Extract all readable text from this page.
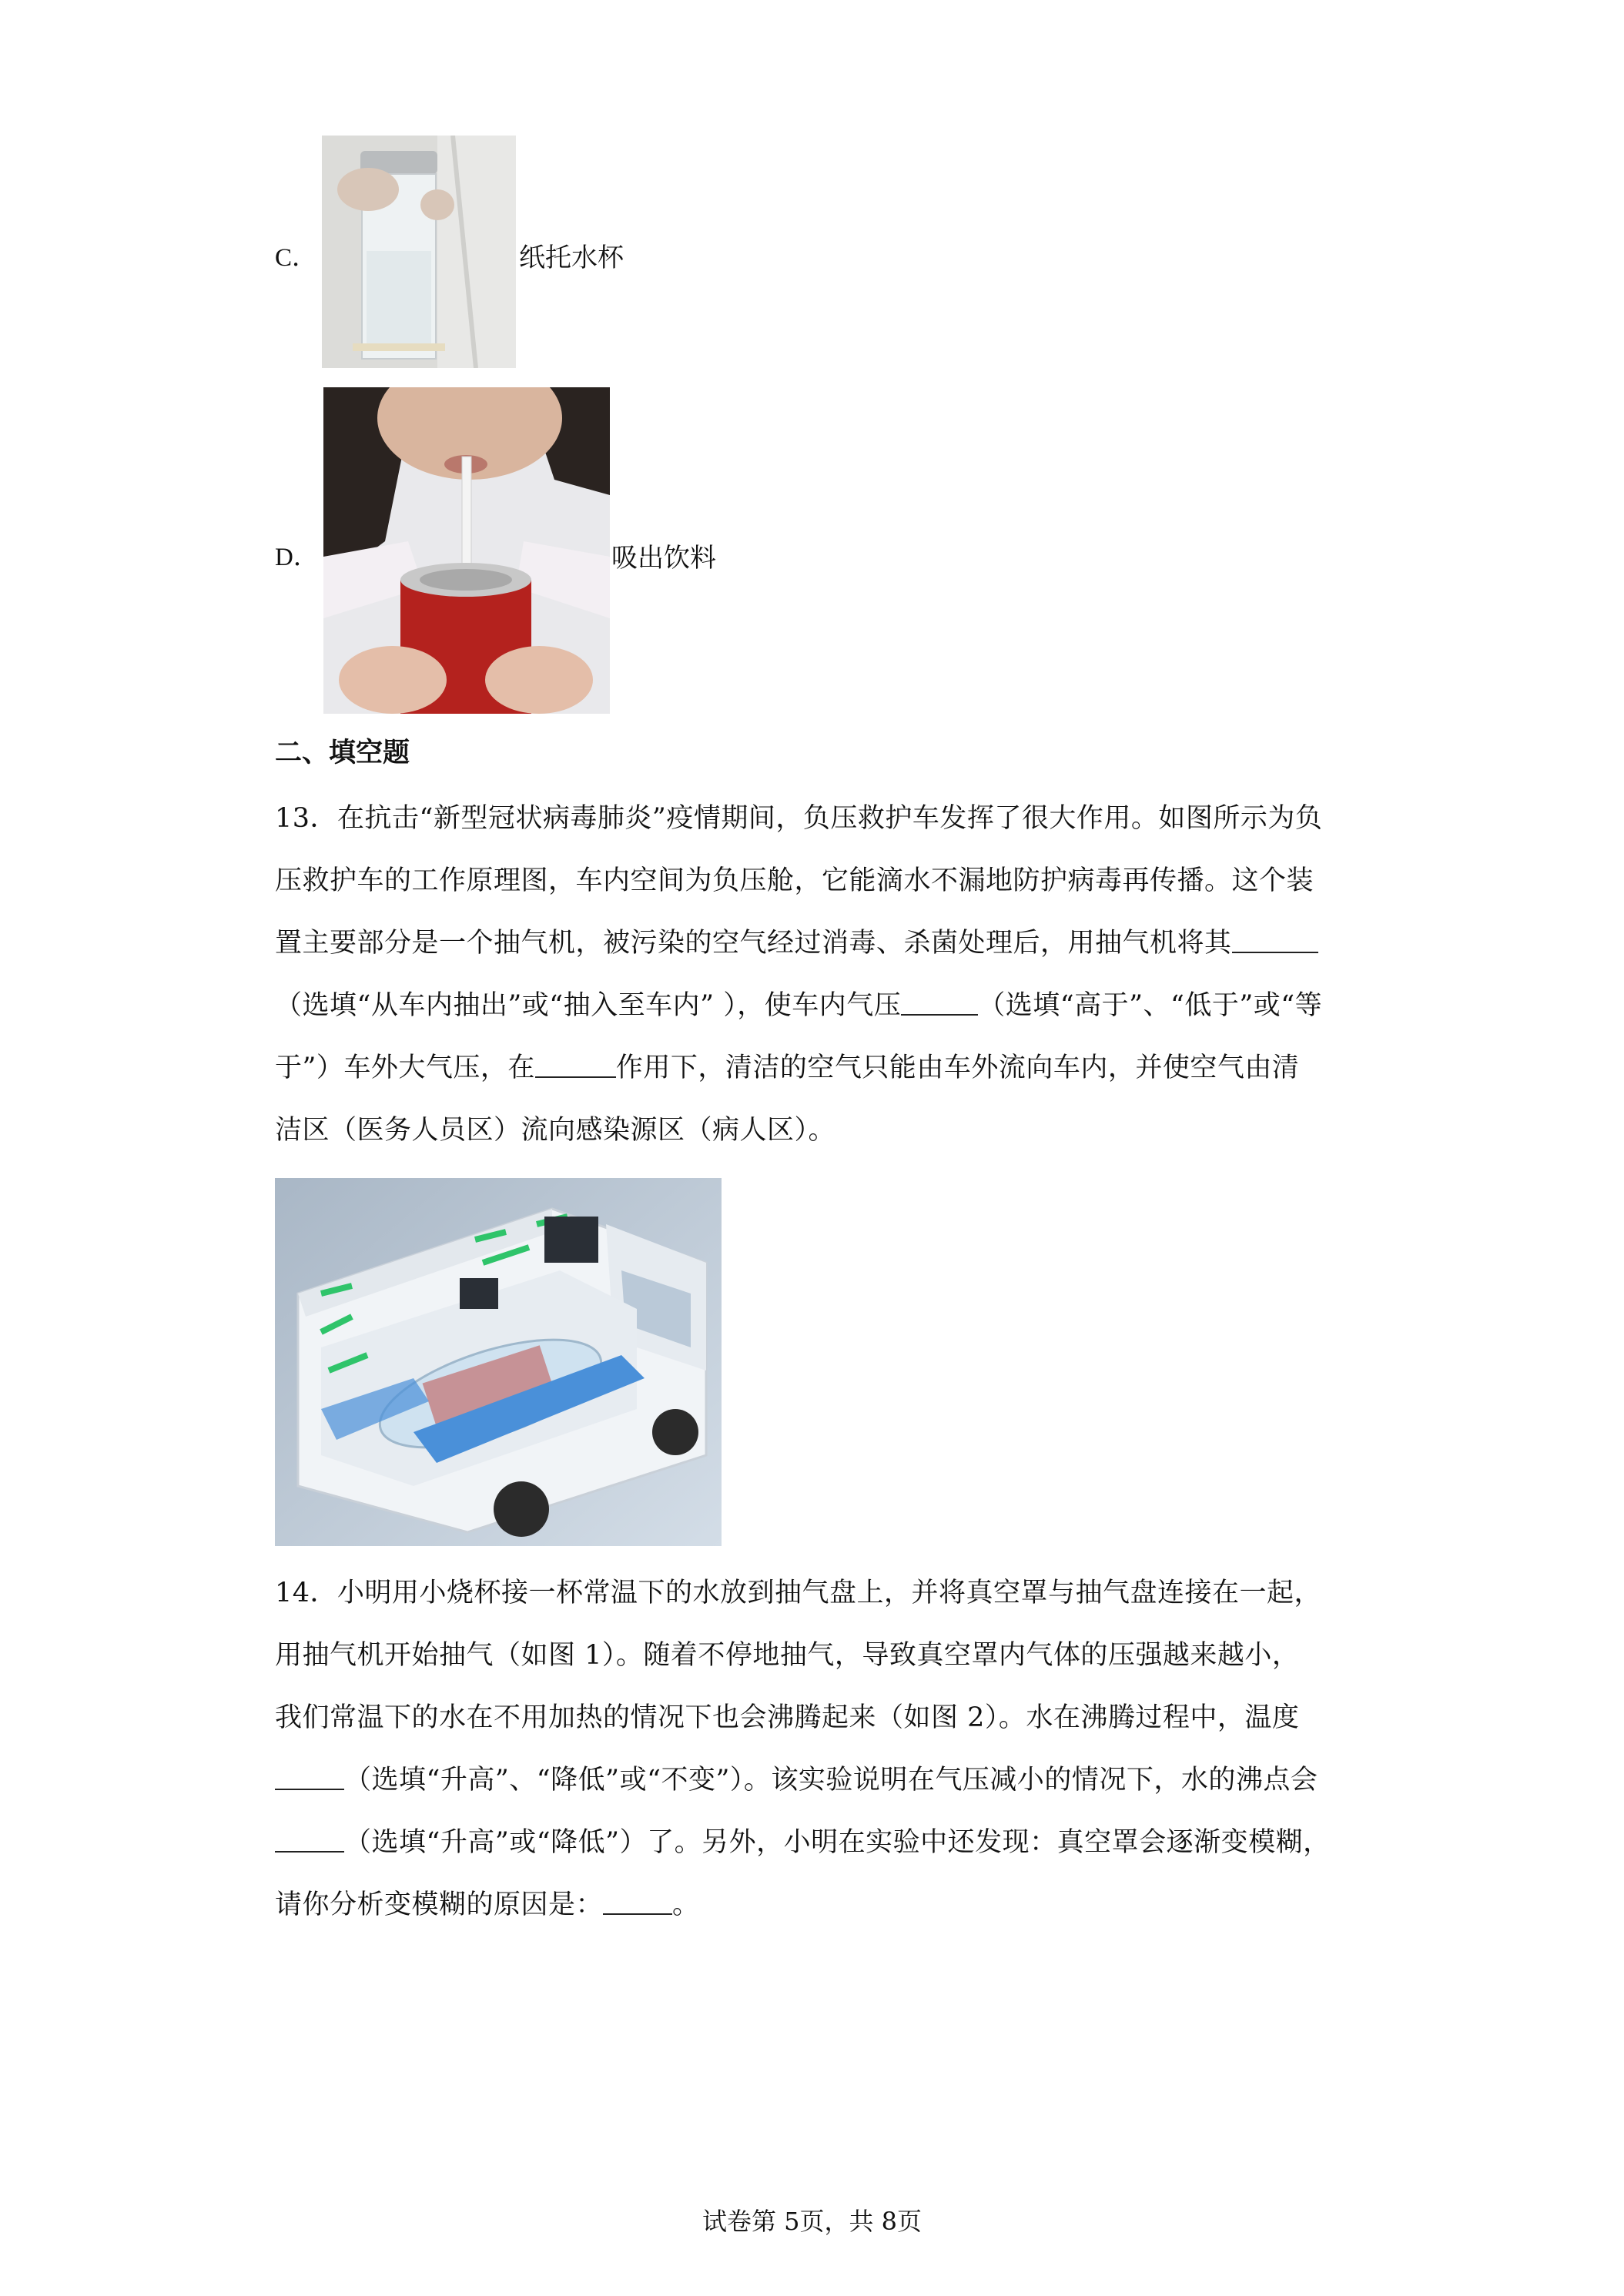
C．	纸托水杯
D．	吸出饮料
二、填空题
13．在抗击“新型冠状病毒肺炎”疫情期间，负压救护车发挥了很大作用。如图所示为负
压救护车的工作原理图，车内空间为负压舱，它能滴水不漏地防护病毒再传播。这个装
置主要部分是一个抽气机，被污染的空气经过消毒、杀菌处理后，用抽气机将其
（选填“从车内抽出”或“抽入至车内” ），使车内气压	（选填“高于”、“低于”或“等
于”）车外大气压，在	作用下，清洁的空气只能由车外流向车内，并使空气由清
洁区（医务人员区）流向感染源区（病人区）。
14．小明用小烧杯接一杯常温下的水放到抽气盘上，并将真空罩与抽气盘连接在一起，
用抽气机开始抽气（如图 1）。随着不停地抽气，导致真空罩内气体的压强越来越小，
我们常温下的水在不用加热的情况下也会沸腾起来（如图 2）。水在沸腾过程中，温度
（选填“升高”、“降低”或“不变”）。该实验说明在气压减小的情况下，水的沸点会
（选填“升高”或“降低”）了。另外，小明在实验中还发现：真空罩会逐渐变模糊，
请你分析变模糊的原因是：	。
试卷第 5页，共 8页
